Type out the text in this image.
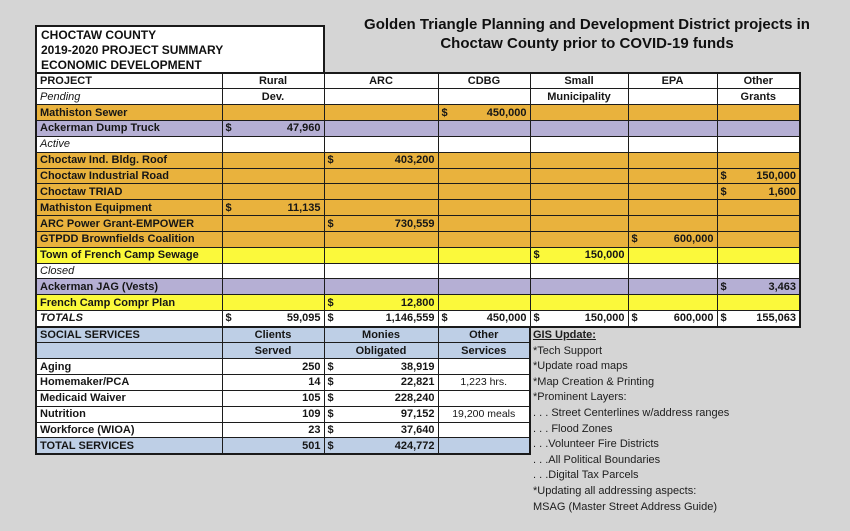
Golden Triangle Planning and Development District projects in
Choctaw County prior to COVID-19 funds
CHOCTAW COUNTY
2019-2020 PROJECT SUMMARY
ECONOMIC DEVELOPMENT
PROJECT	Rural	ARC	CDBG	Small	EPA	Other
Pending	Dev.			Municipality		Grants
Mathiston Sewer			$ 450,000			
Ackerman Dump Truck	$ 47,960					
Active						
Choctaw Ind. Bldg. Roof		$ 403,200				
Choctaw Industrial Road						$ 150,000
Choctaw TRIAD						$ 1,600
Mathiston Equipment	$ 11,135					
ARC Power Grant-EMPOWER		$ 730,559				
GTPDD Brownfields Coalition					$ 600,000	
Town of French Camp Sewage				$ 150,000		
Closed						
Ackerman JAG (Vests)						$ 3,463
French Camp Compr Plan		$ 12,800				
TOTALS	$ 59,095	$ 1,146,559	$ 450,000	$ 150,000	$ 600,000	$ 155,063
SOCIAL SERVICES	Clients	Monies	Other
	Served	Obligated	Services
Aging	250	$ 38,919	
Homemaker/PCA	14	$ 22,821	1,223 hrs.
Medicaid Waiver	105	$ 228,240	
Nutrition	109	$ 97,152	19,200 meals
Workforce (WIOA)	23	$ 37,640	
TOTAL SERVICES	501	$ 424,772	
GIS Update:
*Tech Support
*Update road maps
*Map Creation & Printing
*Prominent Layers:
. . . Street Centerlines w/address ranges
. . . Flood Zones
. . .Volunteer Fire Districts
. . .All Political Boundaries
. . .Digital Tax Parcels
*Updating all addressing aspects:
MSAG (Master Street Address Guide)
